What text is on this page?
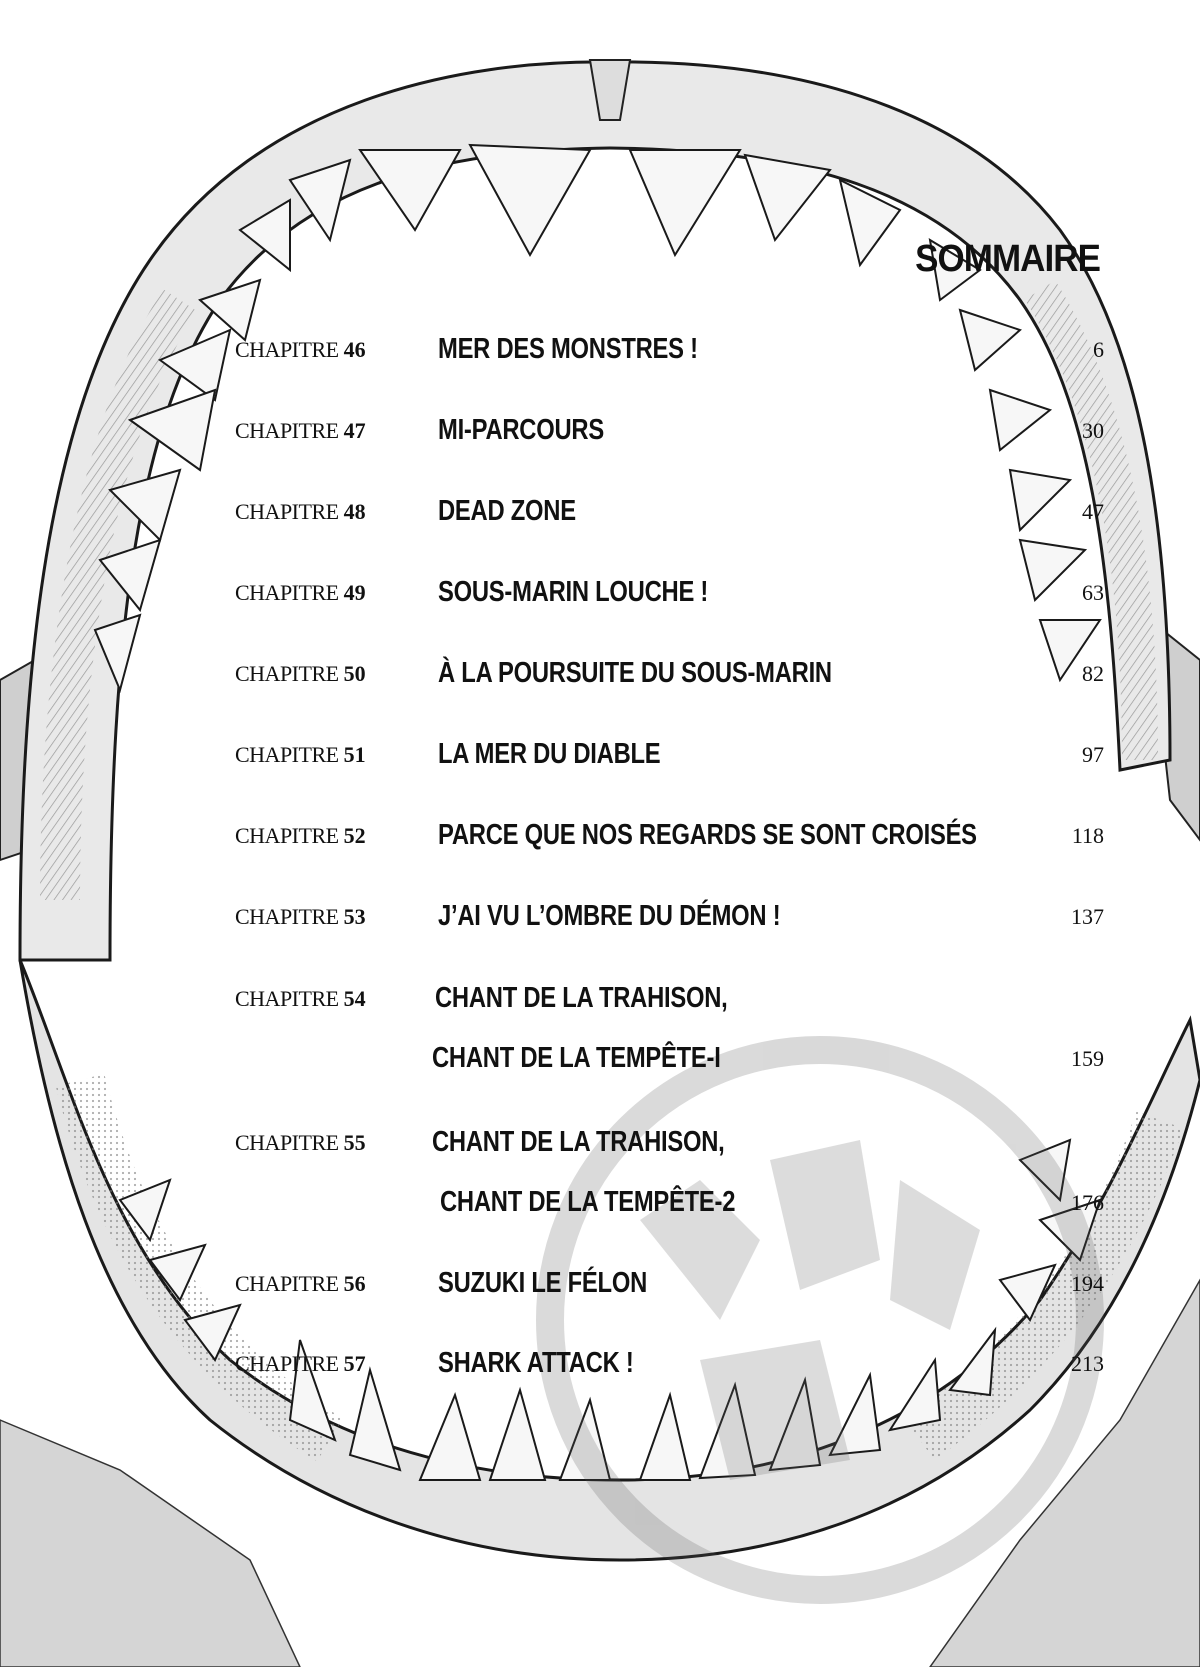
SOMMAIRE
CHAPITRE 46	MER DES MONSTRES !	6
CHAPITRE 47	MI-PARCOURS	30
CHAPITRE 48	DEAD ZONE	47
CHAPITRE 49	SOUS-MARIN LOUCHE !	63
CHAPITRE 50	À LA POURSUITE DU SOUS-MARIN	82
CHAPITRE 51	LA MER DU DIABLE	97
CHAPITRE 52	PARCE QUE NOS REGARDS SE SONT CROISÉS	118
CHAPITRE 53	J’AI VU L’OMBRE DU DÉMON !	137
CHAPITRE 54	CHANT DE LA TRAHISON,
CHANT DE LA TEMPÊTE-I	159
CHAPITRE 55	CHANT DE LA TRAHISON,
CHANT DE LA TEMPÊTE-2	176
CHAPITRE 56	SUZUKI LE FÉLON	194
CHAPITRE 57	SHARK ATTACK !	213
